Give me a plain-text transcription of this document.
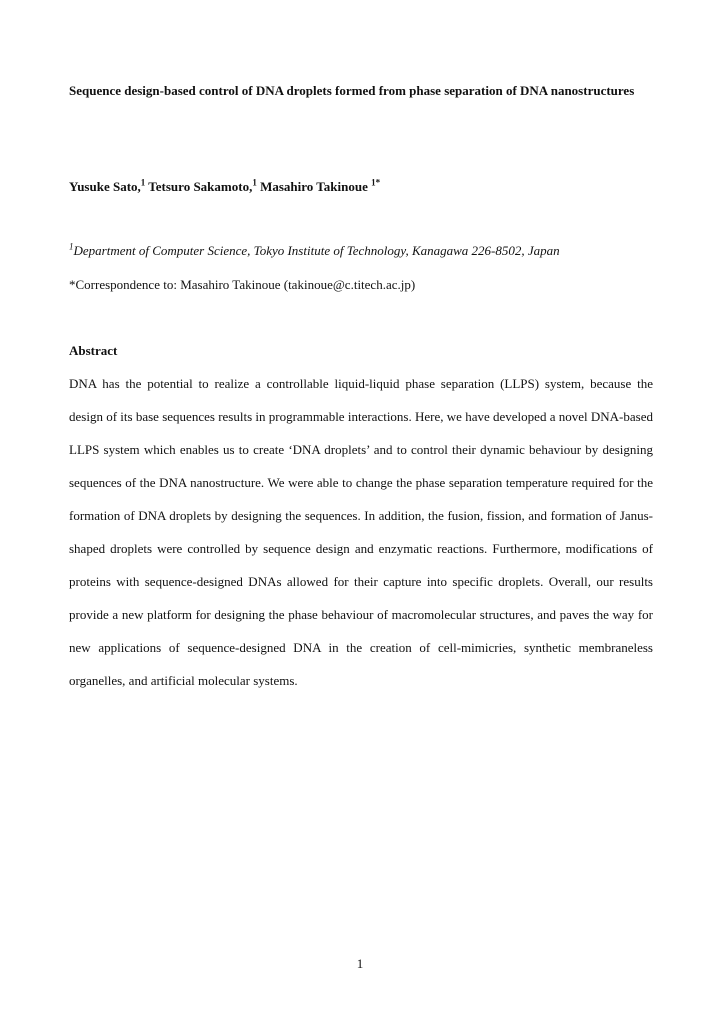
Sequence design-based control of DNA droplets formed from phase separation of DNA nanostructures
Yusuke Sato,$^1$ Tetsuro Sakamoto,$^1$ Masahiro Takinoue $^{1*}$
$^1$Department of Computer Science, Tokyo Institute of Technology, Kanagawa 226-8502, Japan
*Correspondence to: Masahiro Takinoue (takinoue@c.titech.ac.jp)
Abstract
DNA has the potential to realize a controllable liquid-liquid phase separation (LLPS) system, because the design of its base sequences results in programmable interactions. Here, we have developed a novel DNA-based LLPS system which enables us to create ‘DNA droplets’ and to control their dynamic behaviour by designing sequences of the DNA nanostructure. We were able to change the phase separation temperature required for the formation of DNA droplets by designing the sequences. In addition, the fusion, fission, and formation of Janus-shaped droplets were controlled by sequence design and enzymatic reactions. Furthermore, modifications of proteins with sequence-designed DNAs allowed for their capture into specific droplets. Overall, our results provide a new platform for designing the phase behaviour of macromolecular structures, and paves the way for new applications of sequence-designed DNA in the creation of cell-mimicries, synthetic membraneless organelles, and artificial molecular systems.
1
